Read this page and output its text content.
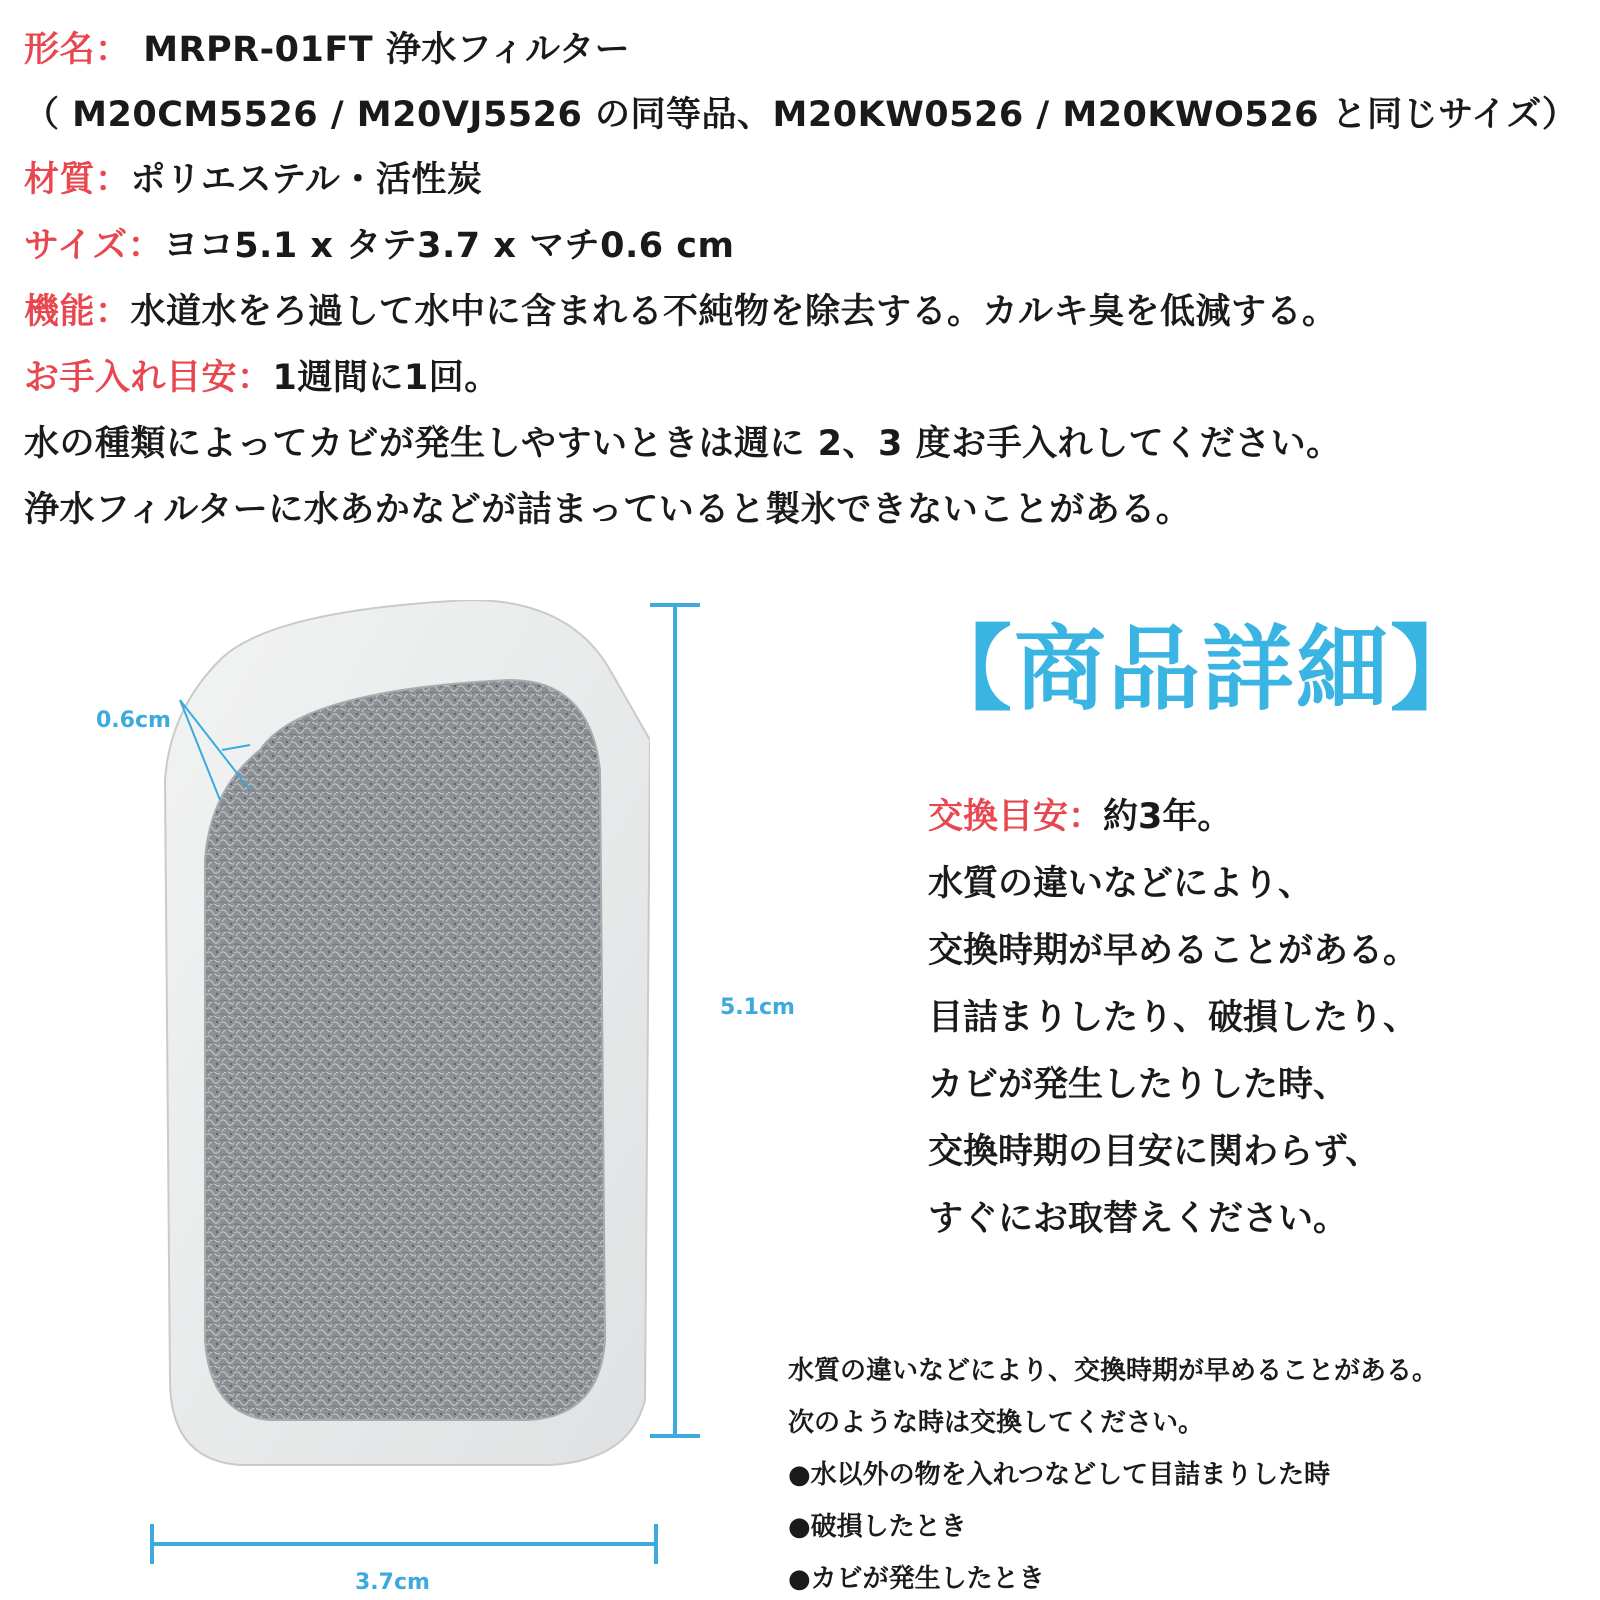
形名： MRPR-01FT 浄水フィルター
（ M20CM5526 / M20VJ5526 の同等品、M20KW0526 / M20KWO526 と同じサイズ）
材質：ポリエステル・活性炭
サイズ：ヨコ5.1 x タテ3.7 x マチ0.6 cm
機能：水道水をろ過して水中に含まれる不純物を除去する。カルキ臭を低減する。
お手入れ目安：1週間に1回。
水の種類によってカビが発生しやすいときは週に 2、3 度お手入れしてください。
浄水フィルターに水あかなどが詰まっていると製氷できないことがある。
5.1cm
3.7cm
0.6cm	【商品詳細】
交換目安：約3年。
水質の違いなどにより、
交換時期が早めることがある。
目詰まりしたり、破損したり、
カビが発生したりした時、
交換時期の目安に関わらず、
すぐにお取替えください。
水質の違いなどにより、交換時期が早めることがある。
次のような時は交換してください。
●水以外の物を入れつなどして目詰まりした時
●破損したとき
●カビが発生したとき
